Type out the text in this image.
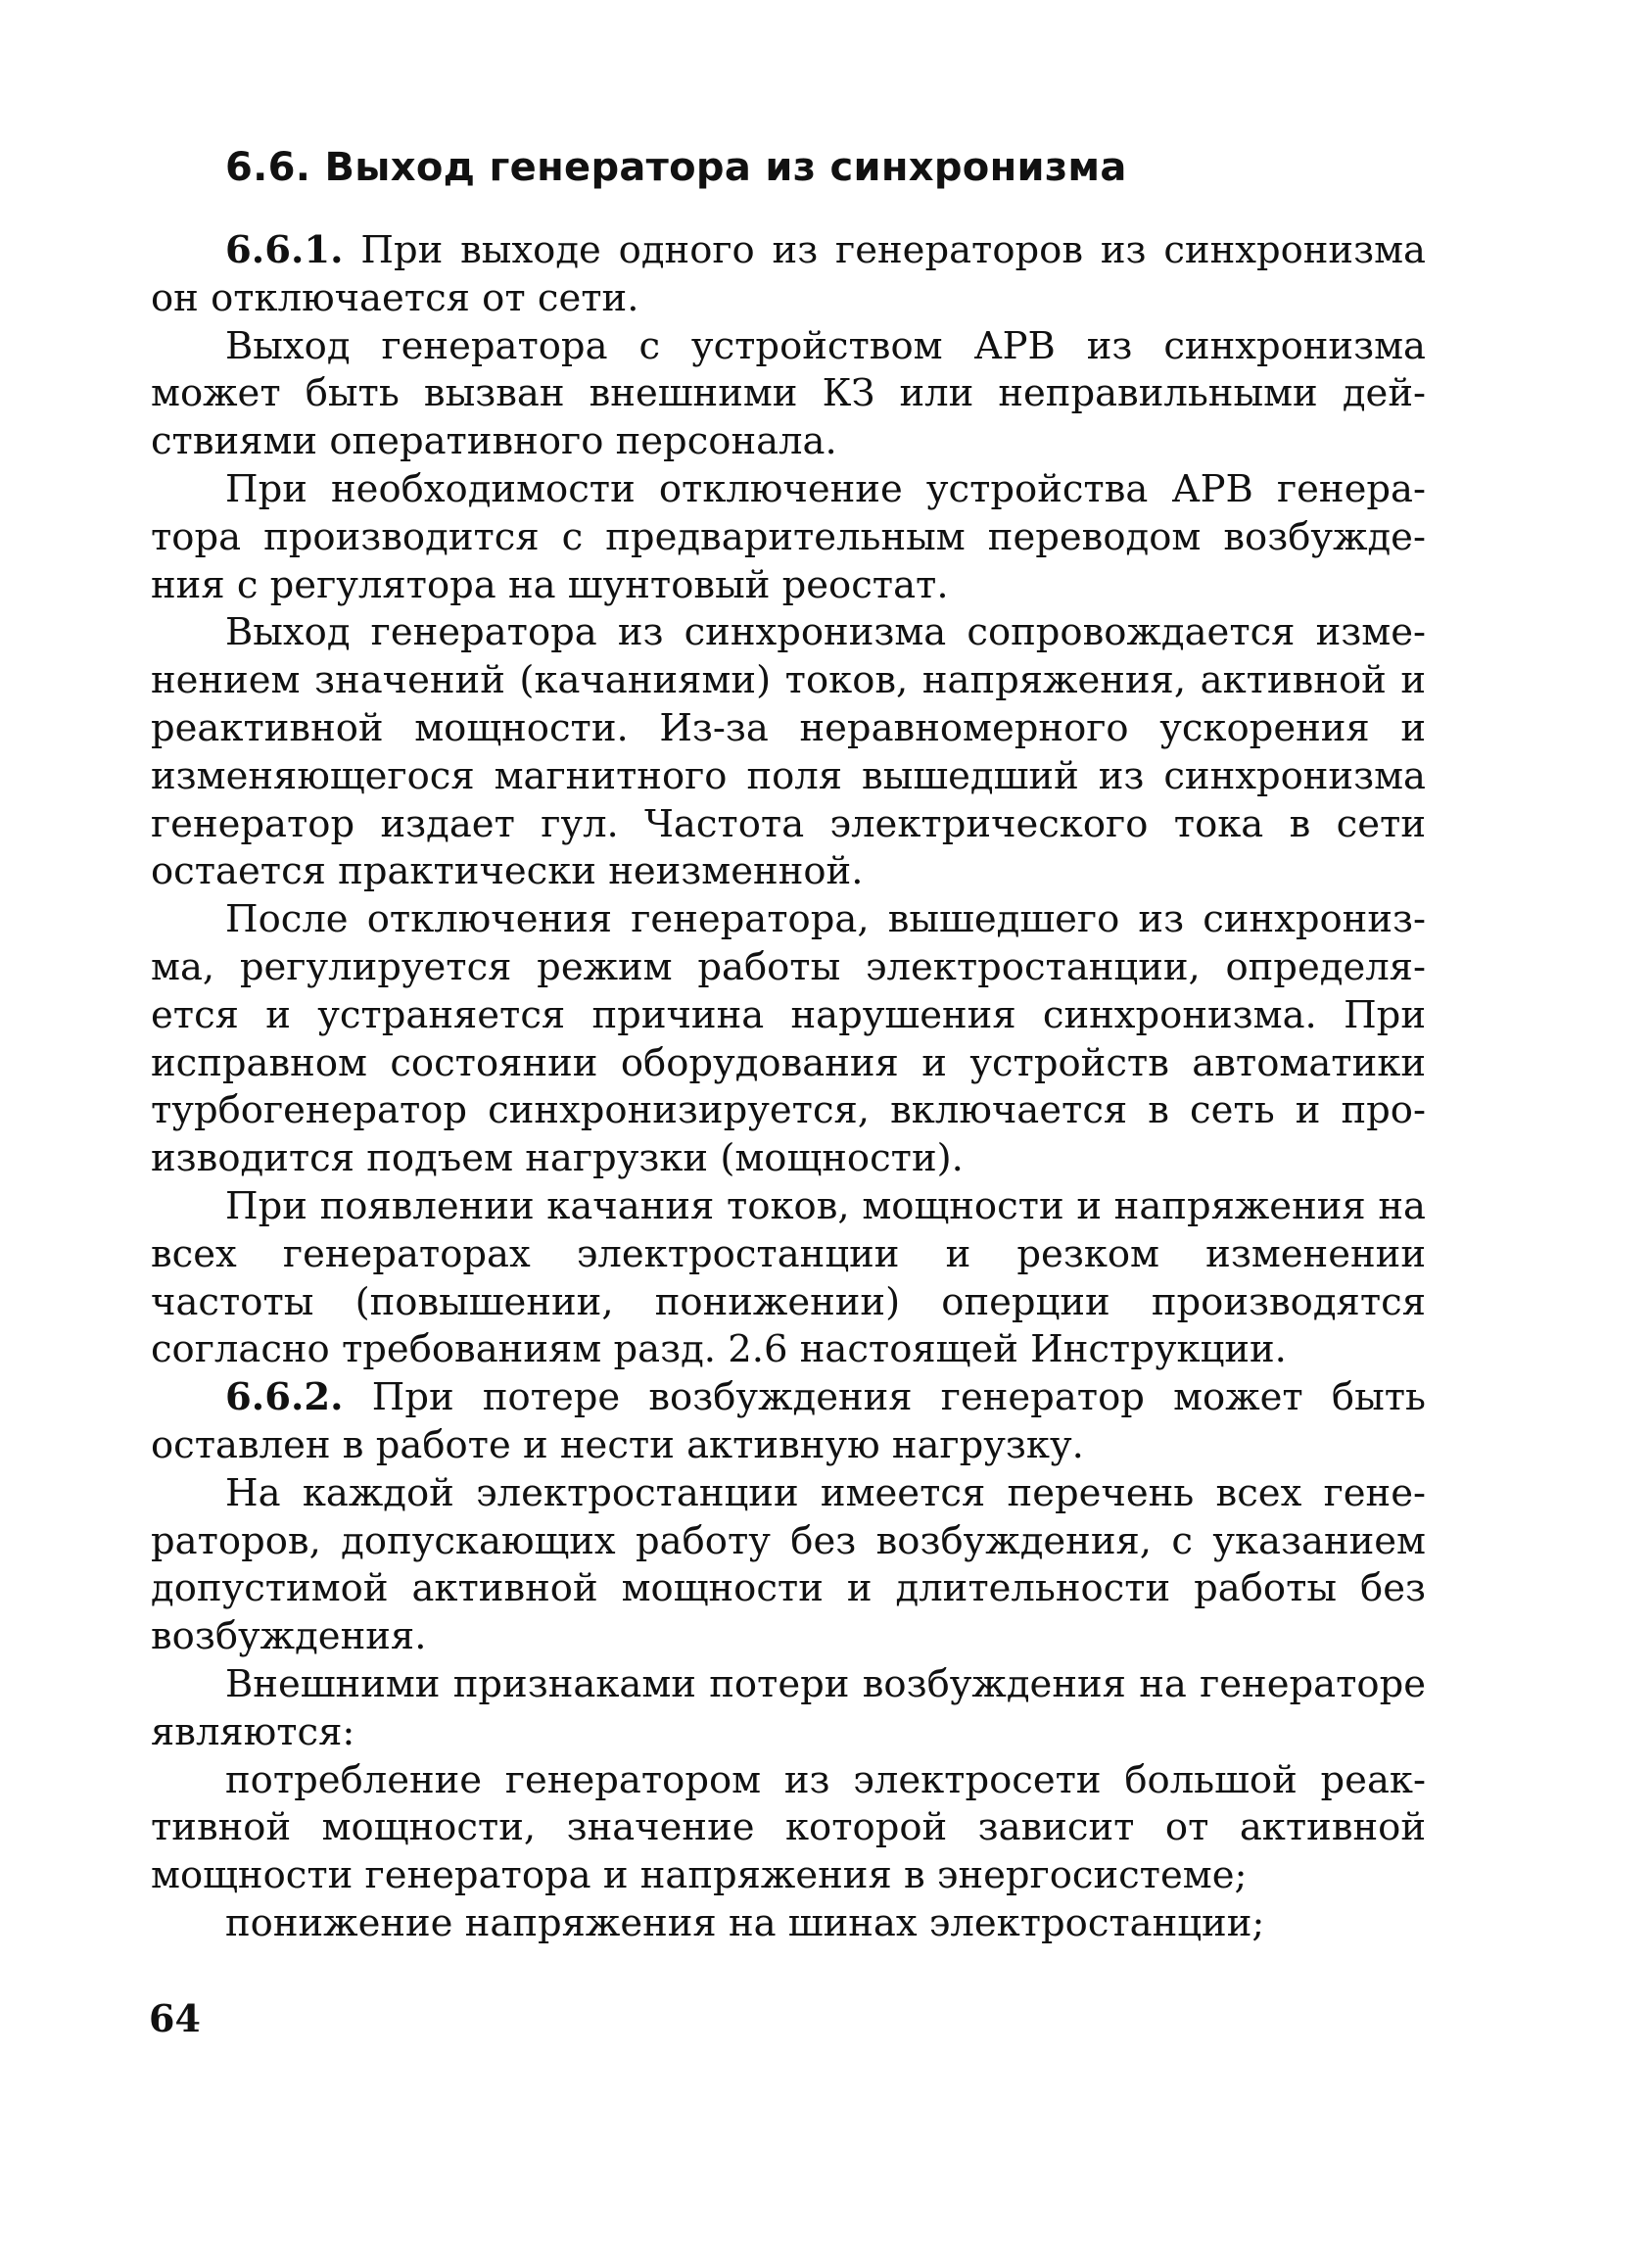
6.6. Выход генератора из синхронизма

6.6.1. При выходе одного из генераторов из синхронизма он отключается от сети.

Выход генератора с устройством АРВ из синхронизма может быть вызван внешними КЗ или неправильными действиями оперативного персонала.

При необходимости отключение устройства АРВ генератора производится с предварительным переводом возбуждения с регулятора на шунтовый реостат.

Выход генератора из синхронизма сопровождается изменением значений (качаниями) токов, напряжения, активной и реактивной мощности. Из-за неравномерного ускорения и изменяющегося магнитного поля вышедший из синхронизма генератор издает гул. Частота электрического тока в сети остается практически неизменной.

После отключения генератора, вышедшего из синхронизма, регулируется режим работы электростанции, определяется и устраняется причина нарушения синхронизма. При исправном состоянии оборудования и устройств автоматики турбогенератор синхронизируется, включается в сеть и производится подъем нагрузки (мощности).

При появлении качания токов, мощности и напряжения на всех генераторах электростанции и резком изменении частоты (повышении, понижении) оперции производятся согласно требованиям разд. 2.6 настоящей Инструкции.

6.6.2. При потере возбуждения генератор может быть оставлен в работе и нести активную нагрузку.

На каждой электростанции имеется перечень всех генераторов, допускающих работу без возбуждения, с указанием допустимой активной мощности и длительности работы без возбуждения.

Внешними признаками потери возбуждения на генераторе являются:

потребление генератором из электросети большой реактивной мощности, значение которой зависит от активной мощности генератора и напряжения в энергосистеме;

понижение напряжения на шинах электростанции;

64
